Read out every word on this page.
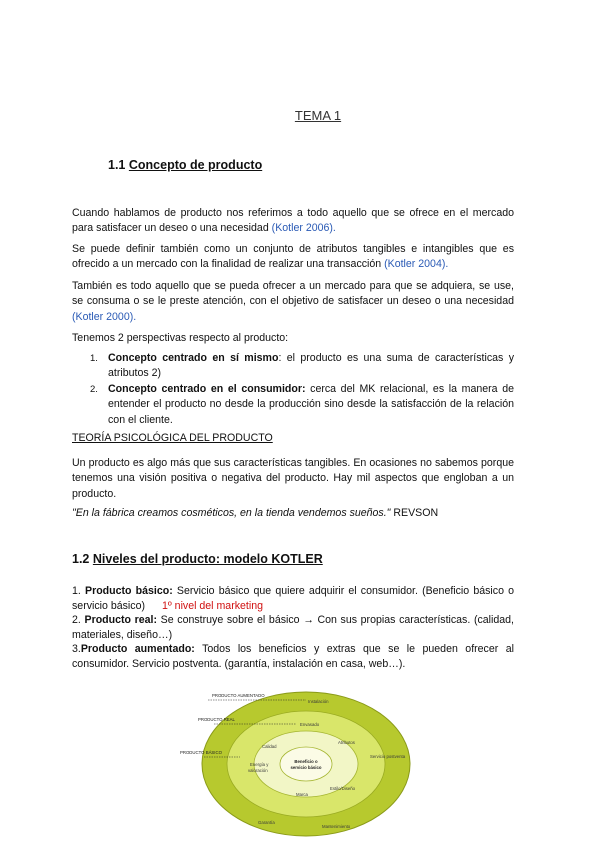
TEMA 1
1.1 Concepto de producto
Cuando hablamos de producto nos referimos a todo aquello que se ofrece en el mercado para satisfacer un deseo o una necesidad (Kotler 2006).
Se puede definir también como un conjunto de atributos tangibles e intangibles que es ofrecido a un mercado con la finalidad de realizar una transacción (Kotler 2004).
También es todo aquello que se pueda ofrecer a un mercado para que se adquiera, se use, se consuma o se le preste atención, con el objetivo de satisfacer un deseo o una necesidad (Kotler 2000).
Tenemos 2 perspectivas respecto al producto:
1. Concepto centrado en sí mismo: el producto es una suma de características y atributos 2)
2. Concepto centrado en el consumidor: cerca del MK relacional, es la manera de entender el producto no desde la producción sino desde la satisfacción de la relación con el cliente.
TEORÍA PSICOLÓGICA DEL PRODUCTO
Un producto es algo más que sus características tangibles. En ocasiones no sabemos porque tenemos una visión positiva o negativa del producto. Hay mil aspectos que engloban a un producto.
"En la fábrica creamos cosméticos, en la tienda vendemos sueños." REVSON
1.2 Niveles del producto: modelo KOTLER
1. Producto básico: Servicio básico que quiere adquirir el consumidor. (Beneficio básico o servicio básico) 1º nivel del marketing
2. Producto real: Se construye sobre el básico → Con sus propias características. (calidad, materiales, diseño…)
3.Producto aumentado: Todos los beneficios y extras que se le pueden ofrecer al consumidor. Servicio postventa. (garantía, instalación en casa, web…).
PRODUCTO AUMENTADO
PRODUCTO REAL
PRODUCTO BÁSICO
Instalación
Servicio postventa
Garantía
Mantenimiento
Envasado
Atributos
Calidad
Marca
Estilo/Diseño
Energía y
valoración
Beneficio o
servicio básico
